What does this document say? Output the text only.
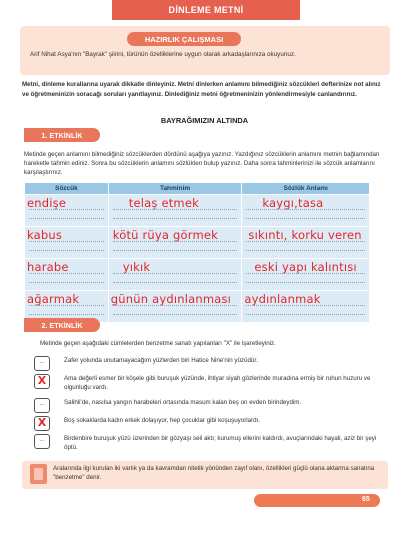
DİNLEME METNİ
HAZIRLIK ÇALIŞMASI
Arif Nihat Asya'nın "Bayrak" şiirini, türünün özelliklerine uygun olarak arkadaşlarınıza okuyunuz.
Metni, dinleme kurallarına uyarak dikkatle dinleyiniz. Metni dinlerken anlamını bilmediğiniz sözcükleri defterinize not alınız ve öğretmeninizin soracağı soruları yanıtlayınız. Dinlediğiniz metni öğretmeninizin yönlendirmesiyle canlandırınız.
BAYRAĞIMIZIN ALTINDA
1. ETKİNLİK
Metinde geçen anlamını bilmediğiniz sözcüklerden dördünü aşağıya yazınız. Yazdığınız sözcüklerin anlamını metnin bağlamından hareketle tahmin ediniz. Sonra bu sözcüklerin anlamını sözlükten bulup yazınız. Daha sonra tahminlerinizi ile sözcük anlamlarını karşılaştırınız.
Sözcük	Tahminim	Sözlük Anlamı

endişe	telaş etmek	kaygı,tasa

kabus	kötü rüya görmek	sıkıntı, korku veren

harabe	yıkık	eski yapı kalıntısı

ağarmak	günün aydınlanması	aydınlanmak
2. ETKİNLİK
Metinde geçen aşağıdaki cümlelerden benzetme sanatı yapılanları "X" ile işaretleyiniz.
...	Zafer yolunda unutamayacağım yüzlerden biri Hatice Nine'nin yüzüdür.
X	Ama değerli esmer bir köşele gibi buruşuk yüzünde, ihtiyar siyah gözlerinde muradına ermiş bir ruhun huzuru ve olgunluğu vardı.
...	Salihli'de, nasılsa yangın harabeleri ortasında masum kalan beş on evden birindeydim.
X	Boş sokaklarda kadın erkek dolaşıyor, hep çocuklar gibi koşuşuyorlardı.
...	Birdenbire buruşuk yüzü üzerinden bir gözyaşı seli aktı; kurumuş ellerini kaldırdı, avuçlarındaki hayali, aziz bir şeyi öptü.
Aralarında ilgi kurulan iki varlık ya da kavramdan nitelik yönünden zayıf olanı, özellikleri güçlü olana aktarma sanatına "benzetme" denir.
65
